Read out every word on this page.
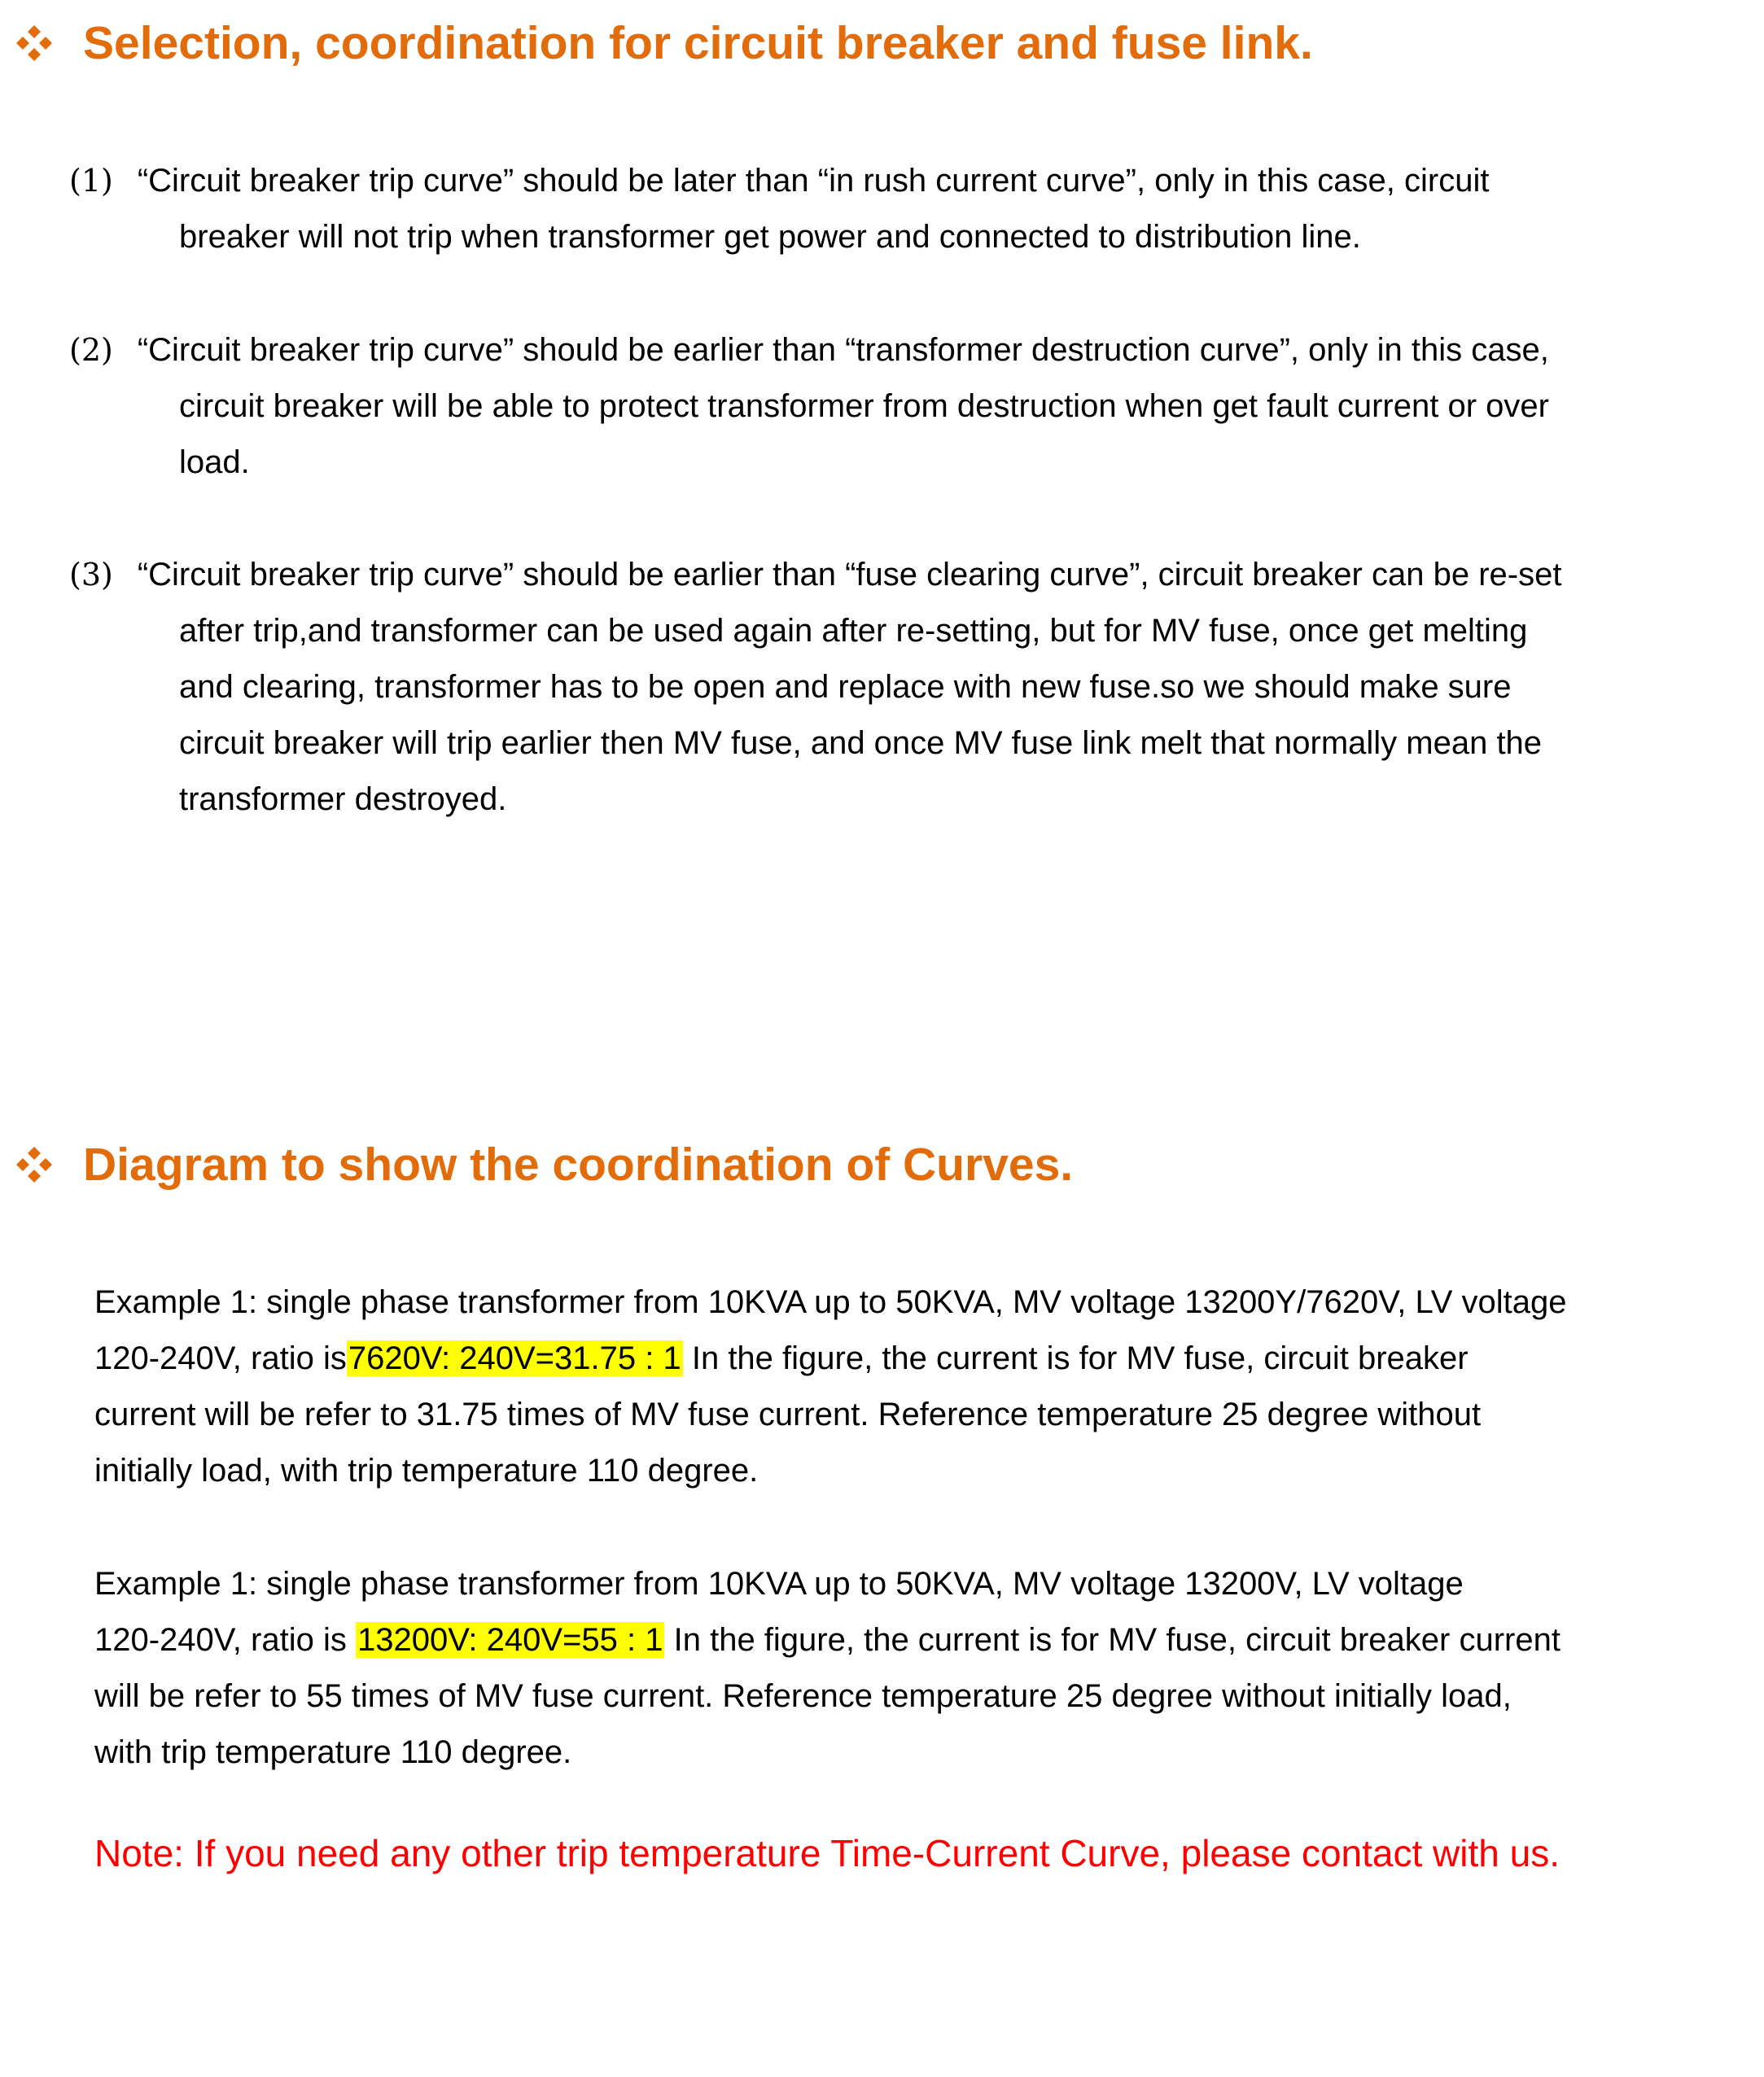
Selection, coordination for circuit breaker and fuse link.
(1) “Circuit breaker trip curve” should be later than “in rush current curve”, only in this case, circuit
breaker will not trip when transformer get power and connected to distribution line.
(2) “Circuit breaker trip curve” should be earlier than “transformer destruction curve”, only in this case,
circuit breaker will be able to protect transformer from destruction when get fault current or over
load.
(3) “Circuit breaker trip curve” should be earlier than “fuse clearing curve”, circuit breaker can be re-set
after trip,and transformer can be used again after re-setting, but for MV fuse, once get melting
and clearing, transformer has to be open and replace with new fuse.so we should make sure
circuit breaker will trip earlier then MV fuse, and once MV fuse link melt that normally mean the
transformer destroyed.
Diagram to show the coordination of Curves.
Example 1: single phase transformer from 10KVA up to 50KVA, MV voltage 13200Y/7620V, LV voltage
120-240V, ratio is7620V: 240V=31.75 : 1 In the figure, the current is for MV fuse, circuit breaker
current will be refer to 31.75 times of MV fuse current. Reference temperature 25 degree without
initially load, with trip temperature 110 degree.
Example 1: single phase transformer from 10KVA up to 50KVA, MV voltage 13200V, LV voltage
120-240V, ratio is 13200V: 240V=55 : 1 In the figure, the current is for MV fuse, circuit breaker current
will be refer to 55 times of MV fuse current. Reference temperature 25 degree without initially load,
with trip temperature 110 degree.
Note: If you need any other trip temperature Time-Current Curve, please contact with us.
